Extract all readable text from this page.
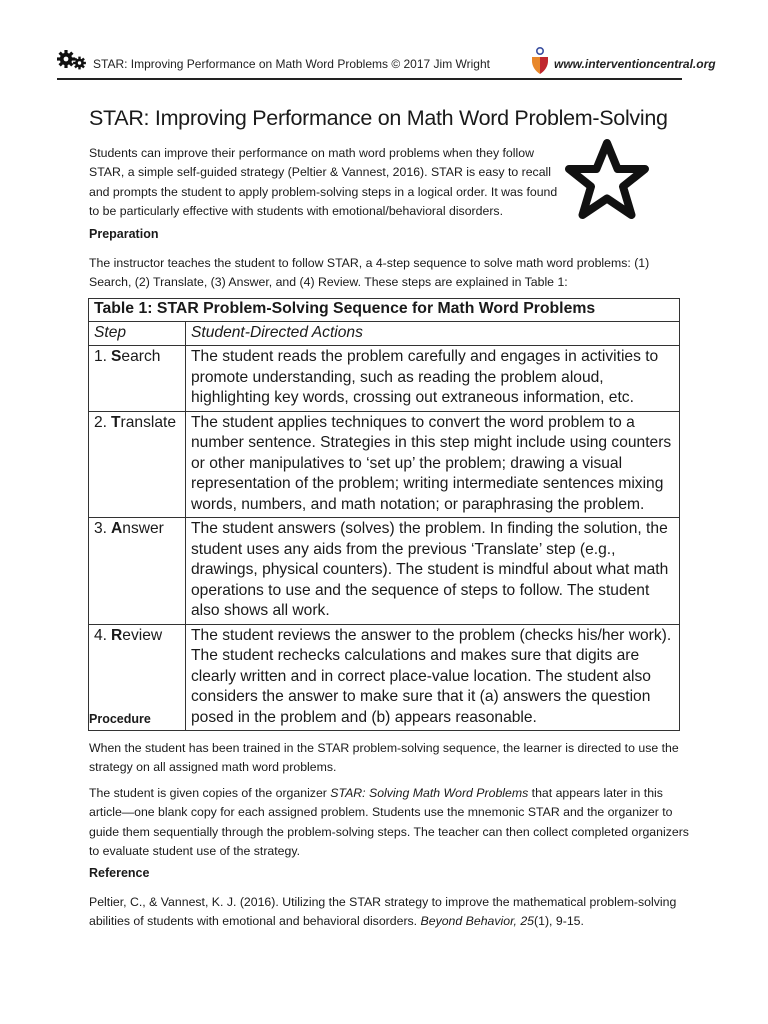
STAR: Improving Performance on Math Word Problems © 2017 Jim Wright	www.interventioncentral.org
STAR: Improving Performance on Math Word Problem-Solving

Students can improve their performance on math word problems when they follow STAR, a simple self-guided strategy (Peltier & Vannest, 2016). STAR is easy to recall and prompts the student to apply problem-solving steps in a logical order. It was found to be particularly effective with students with emotional/behavioral disorders.

Preparation

The instructor teaches the student to follow STAR, a 4-step sequence to solve math word problems: (1) Search, (2) Translate, (3) Answer, and (4) Review. These steps are explained in Table 1:

Table 1: STAR Problem-Solving Sequence for Math Word Problems	
Step	Student-Directed Actions
1. Search	The student reads the problem carefully and engages in activities to promote understanding, such as reading the problem aloud, highlighting key words, crossing out extraneous information, etc.
2. Translate	The student applies techniques to convert the word problem to a number sentence. Strategies in this step might include using counters or other manipulatives to ‘set up’ the problem; drawing a visual representation of the problem; writing intermediate sentences mixing words, numbers, and math notation; or paraphrasing the problem.
3. Answer	The student answers (solves) the problem. In finding the solution, the student uses any aids from the previous ‘Translate’ step (e.g., drawings, physical counters). The student is mindful about what math operations to use and the sequence of steps to follow. The student also shows all work.
4. Review	The student reviews the answer to the problem (checks his/her work). The student rechecks calculations and makes sure that digits are clearly written and in correct place-value location. The student also considers the answer to make sure that it (a) answers the question posed in the problem and (b) appears reasonable.
Procedure

When the student has been trained in the STAR problem-solving sequence, the learner is directed to use the strategy on all assigned math word problems.

The student is given copies of the organizer STAR: Solving Math Word Problems that appears later in this article—one blank copy for each assigned problem. Students use the mnemonic STAR and the organizer to guide them sequentially through the problem-solving steps. The teacher can then collect completed organizers to evaluate student use of the strategy.

Reference

Peltier, C., & Vannest, K. J. (2016). Utilizing the STAR strategy to improve the mathematical problem-solving abilities of students with emotional and behavioral disorders. Beyond Behavior, 25(1), 9-15.
